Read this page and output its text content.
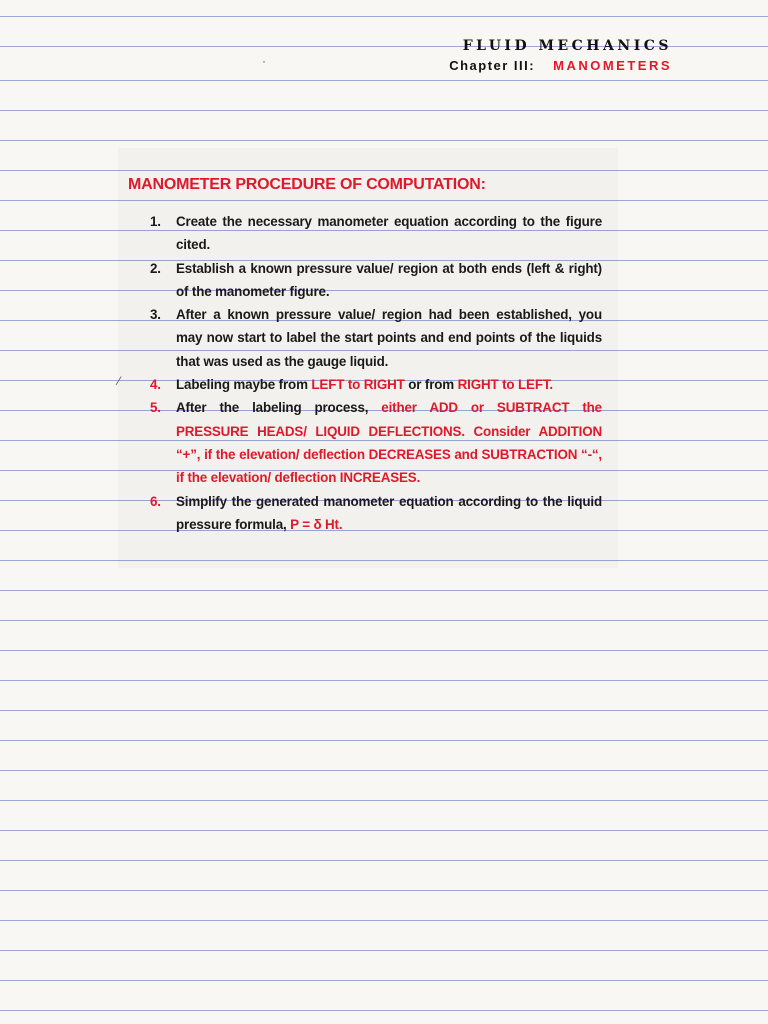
FLUID MECHANICS
Chapter III: MANOMETERS
MANOMETER PROCEDURE OF COMPUTATION:
1.	Create the necessary manometer equation according to the figure cited.
2.	Establish a known pressure value/ region at both ends (left & right) of the manometer figure.
3.	After a known pressure value/ region had been established, you may now start to label the start points and end points of the liquids that was used as the gauge liquid.
4.	Labeling maybe from LEFT to RIGHT or from RIGHT to LEFT.
5.	After the labeling process, either ADD or SUBTRACT the PRESSURE HEADS/ LIQUID DEFLECTIONS. Consider ADDITION “+”, if the elevation/ deflection DECREASES and SUBTRACTION “-“, if the elevation/ deflection INCREASES.
6.	Simplify the generated manometer equation according to the liquid pressure formula, P = δ Ht.
⁄
·
